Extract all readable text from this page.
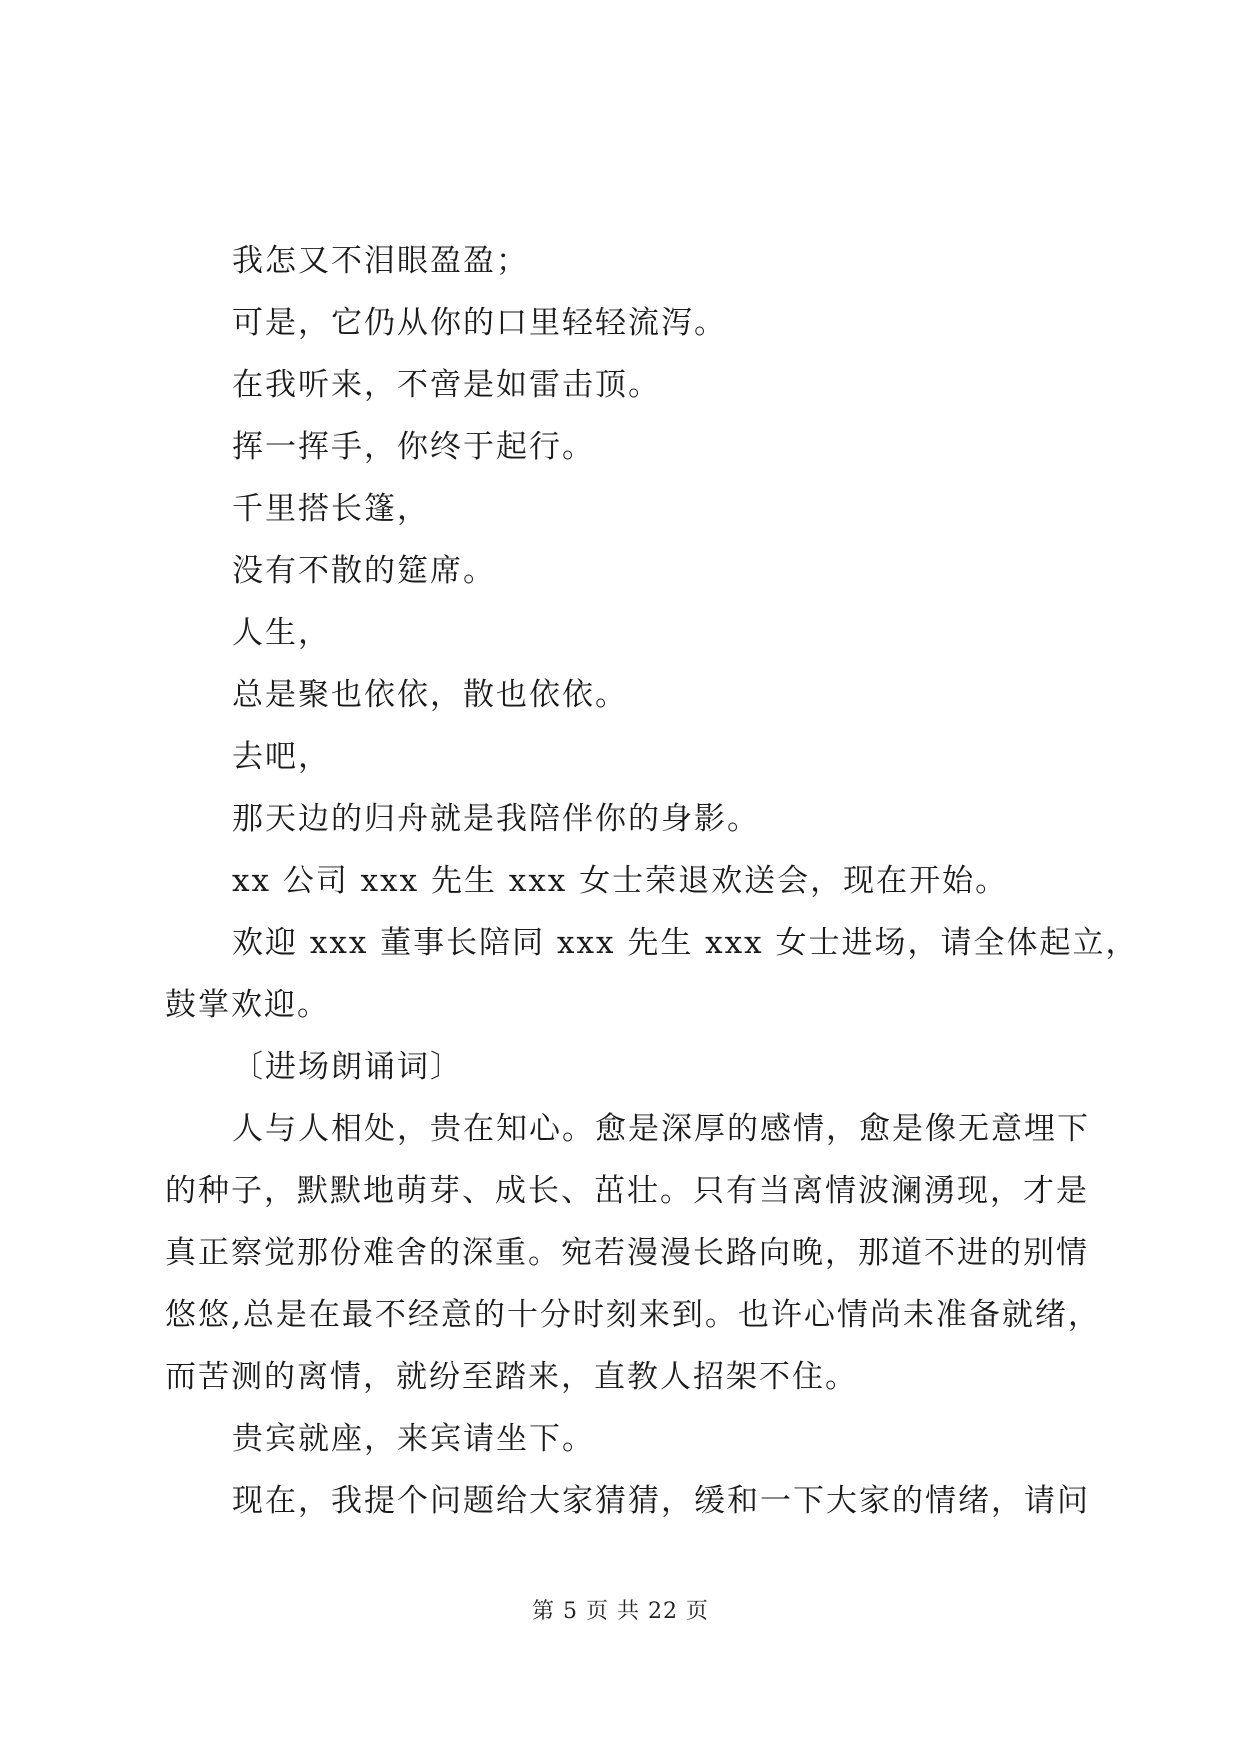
我怎又不泪眼盈盈；

可是，它仍从你的口里轻轻流泻。

在我听来，不啻是如雷击顶。

挥一挥手，你终于起行。

千里搭长篷，

没有不散的筵席。

人生，

总是聚也依依，散也依依。

去吧，

那天边的归舟就是我陪伴你的身影。

xx 公司 xxx 先生 xxx 女士荣退欢送会，现在开始。

欢迎 xxx 董事长陪同 xxx 先生 xxx 女士进场，请全体起立，

鼓掌欢迎。

〔进场朗诵词〕

人与人相处，贵在知心。愈是深厚的感情，愈是像无意埋下

的种子，默默地萌芽、成长、茁壮。只有当离情波澜湧现，才是

真正察觉那份难舍的深重。宛若漫漫长路向晚，那道不进的别情

悠悠,总是在最不经意的十分时刻来到。也许心情尚未准备就绪，

而苦测的离情，就纷至踏来，直教人招架不住。

贵宾就座，来宾请坐下。

现在，我提个问题给大家猜猜，缓和一下大家的情绪，请问

第 5 页 共 22 页
